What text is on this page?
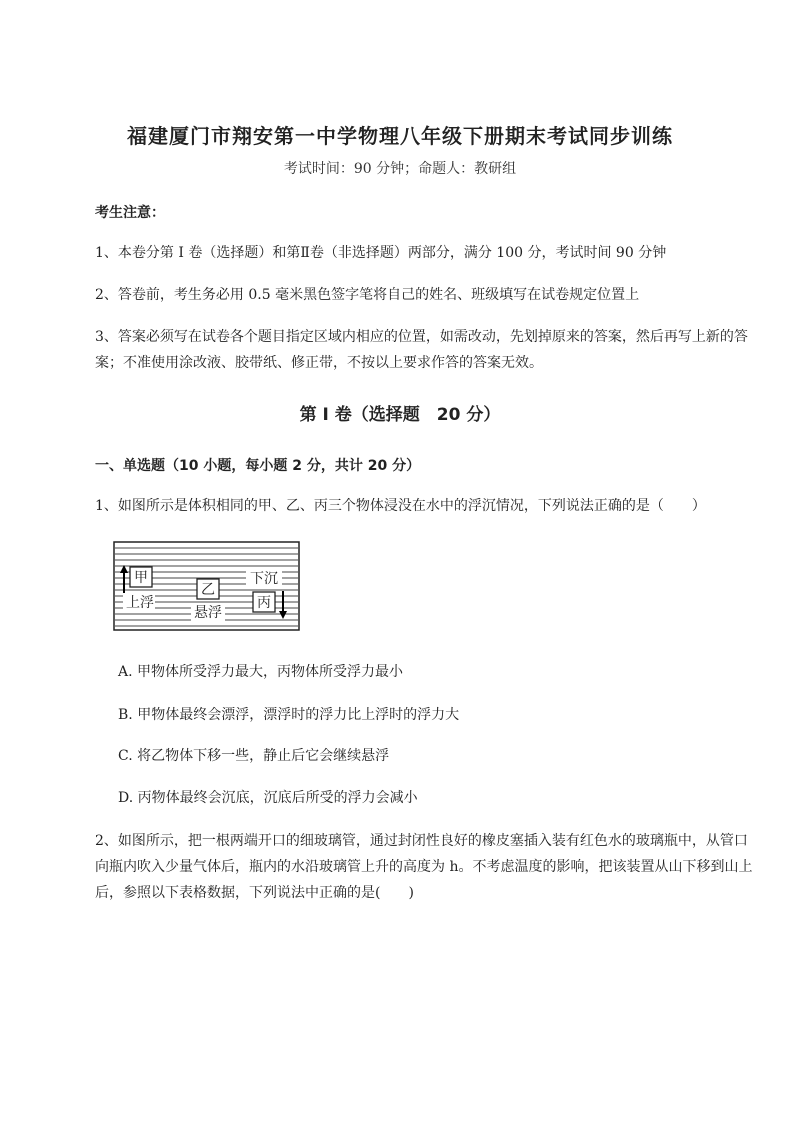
福建厦门市翔安第一中学物理八年级下册期末考试同步训练
考试时间：90 分钟；命题人：教研组
考生注意：
1、本卷分第 I 卷（选择题）和第Ⅱ卷（非选择题）两部分，满分 100 分，考试时间 90 分钟
2、答卷前，考生务必用 0.5 毫米黑色签字笔将自己的姓名、班级填写在试卷规定位置上
3、答案必须写在试卷各个题目指定区域内相应的位置，如需改动，先划掉原来的答案，然后再写上新的答案；不准使用涂改液、胶带纸、修正带，不按以上要求作答的答案无效。
第 I 卷（选择题　20 分）
一、单选题（10 小题，每小题 2 分，共计 20 分）
1、如图所示是体积相同的甲、乙、丙三个物体浸没在水中的浮沉情况，下列说法正确的是（　　）
甲
上浮
乙
悬浮
下沉
丙
A. 甲物体所受浮力最大，丙物体所受浮力最小
B. 甲物体最终会漂浮，漂浮时的浮力比上浮时的浮力大
C. 将乙物体下移一些，静止后它会继续悬浮
D. 丙物体最终会沉底，沉底后所受的浮力会减小
2、如图所示，把一根两端开口的细玻璃管，通过封闭性良好的橡皮塞插入装有红色水的玻璃瓶中，从管口向瓶内吹入少量气体后，瓶内的水沿玻璃管上升的高度为 h。不考虑温度的影响，把该装置从山下移到山上后，参照以下表格数据，下列说法中正确的是(　　)
